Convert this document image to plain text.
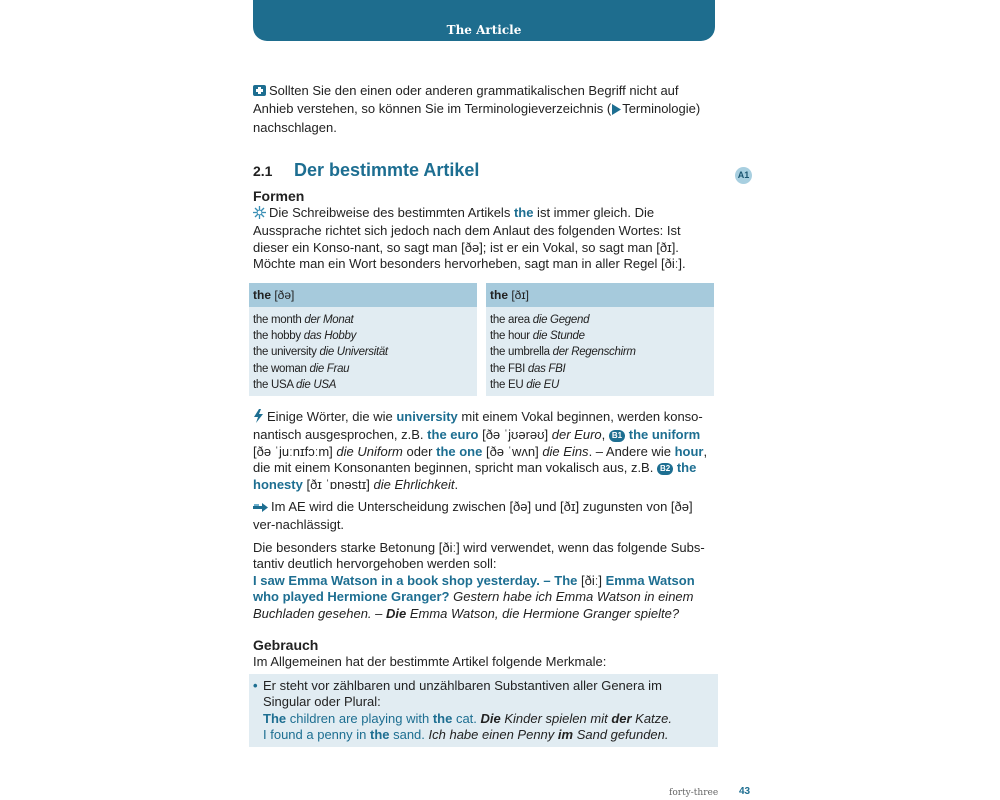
The Article

Sollten Sie den einen oder anderen grammatikalischen Begriff nicht auf Anhieb verstehen, so können Sie im Terminologieverzeichnis ( Terminologie) nachschlagen.

2.1 Der bestimmte Artikel	A1
Formen

Die Schreibweise des bestimmten Artikels the ist immer gleich. Die Aussprache richtet sich jedoch nach dem Anlaut des folgenden Wortes: Ist dieser ein Konso-nant, so sagt man [ðə]; ist er ein Vokal, so sagt man [ðɪ]. Möchte man ein Wort besonders hervorheben, sagt man in aller Regel [ðiː].

the [ðə]
the month der Monat
the hobby das Hobby
the university die Universität
the woman die Frau
the USA die USA
the [ðɪ]
the area die Gegend
the hour die Stunde
the umbrella der Regenschirm
the FBI das FBI
the EU die EU

Einige Wörter, die wie university mit einem Vokal beginnen, werden konso-nantisch ausgesprochen, z.B. the euro [ðə ˈjʊərəʊ] der Euro, B1 the uniform [ðə ˈjuːnɪfɔːm] die Uniform oder the one [ðə ˈwʌn] die Eins. – Andere wie hour, die mit einem Konsonanten beginnen, spricht man vokalisch aus, z.B. B2 the honesty [ðɪ ˈɒnəstɪ] die Ehrlichkeit.

Im AE wird die Unterscheidung zwischen [ðə] und [ðɪ] zugunsten von [ðə] ver-nachlässigt.

Die besonders starke Betonung [ðiː] wird verwendet, wenn das folgende Subs-tantiv deutlich hervorgehoben werden soll:
I saw Emma Watson in a book shop yesterday. – The [ðiː] Emma Watson who played Hermione Granger? Gestern habe ich Emma Watson in einem Buchladen gesehen. – Die Emma Watson, die Hermione Granger spielte?

Gebrauch

Im Allgemeinen hat der bestimmte Artikel folgende Merkmale:

• Er steht vor zählbaren und unzählbaren Substantiven aller Genera im Singular oder Plural:
The children are playing with the cat. Die Kinder spielen mit der Katze.
I found a penny in the sand. Ich habe einen Penny im Sand gefunden.
forty-three 43
